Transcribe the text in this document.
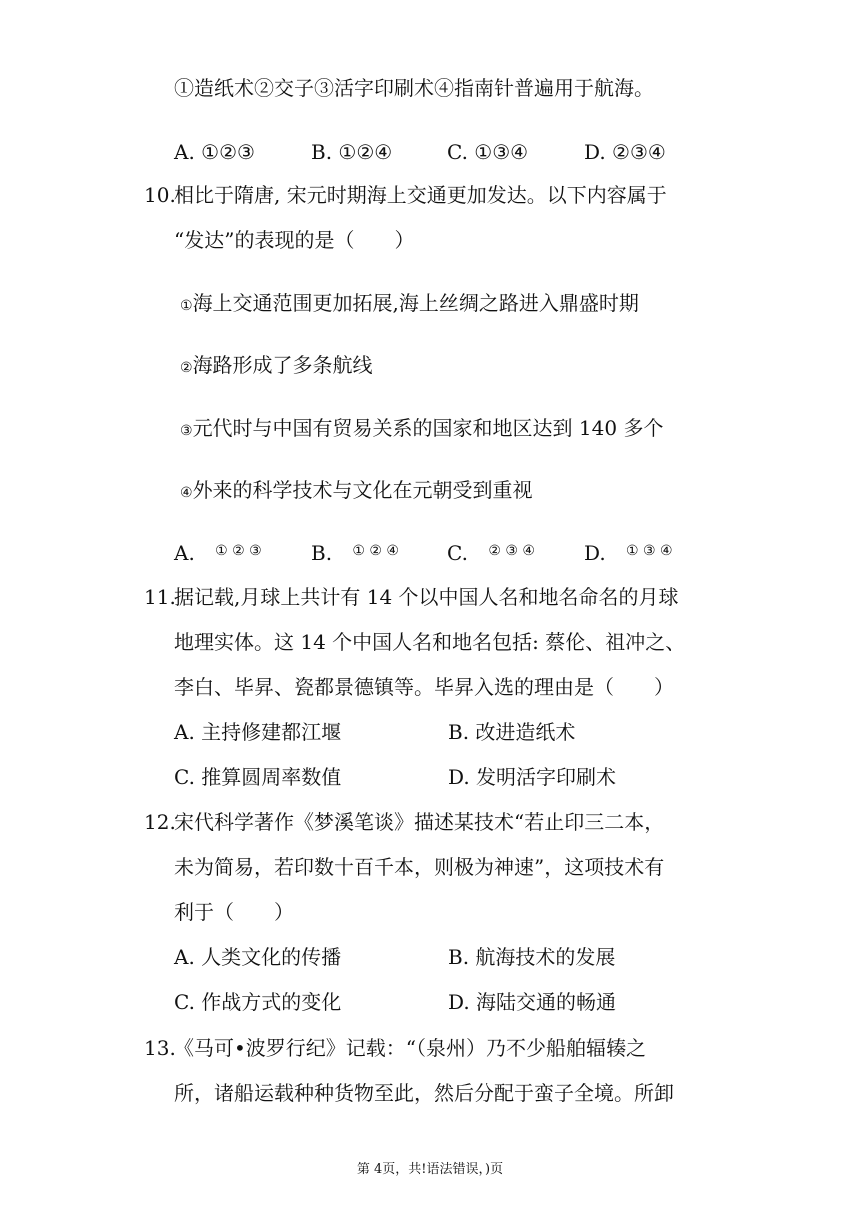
①造纸术②交子③活字印刷术④指南针普遍用于航海。
A. ①②③	B. ①②④	C. ①③④	D. ②③④
10.
相比于隋唐, 宋元时期海上交通更加发达。以下内容属于
“发达”的表现的是（　　）
①海上交通范围更加拓展,海上丝绸之路进入鼎盛时期
②海路形成了多条航线
③元代时与中国有贸易关系的国家和地区达到 140 多个
④外来的科学技术与文化在元朝受到重视
A. ① ② ③ B. ① ② ④ C. ② ③ ④ D. ① ③ ④
11.
据记载,月球上共计有 14 个以中国人名和地名命名的月球
地理实体。这 14 个中国人名和地名包括: 蔡伦、祖冲之、
李白、毕昇、瓷都景德镇等。毕昇入选的理由是（　　）
A. 主持修建都江堰	B. 改进造纸术
C. 推算圆周率数值	D. 发明活字印刷术
12.
宋代科学著作《梦溪笔谈》描述某技术“若止印三二本，
未为简易，若印数十百千本，则极为神速”，这项技术有
利于（　　）
A. 人类文化的传播	B. 航海技术的发展
C. 作战方式的变化	D. 海陆交通的畅通
13.
《马可•波罗行纪》记载：“（泉州）乃不少船舶辐辏之
所，诸船运载种种货物至此，然后分配于蛮子全境。所卸
第 4页，共!语法错误，)页
